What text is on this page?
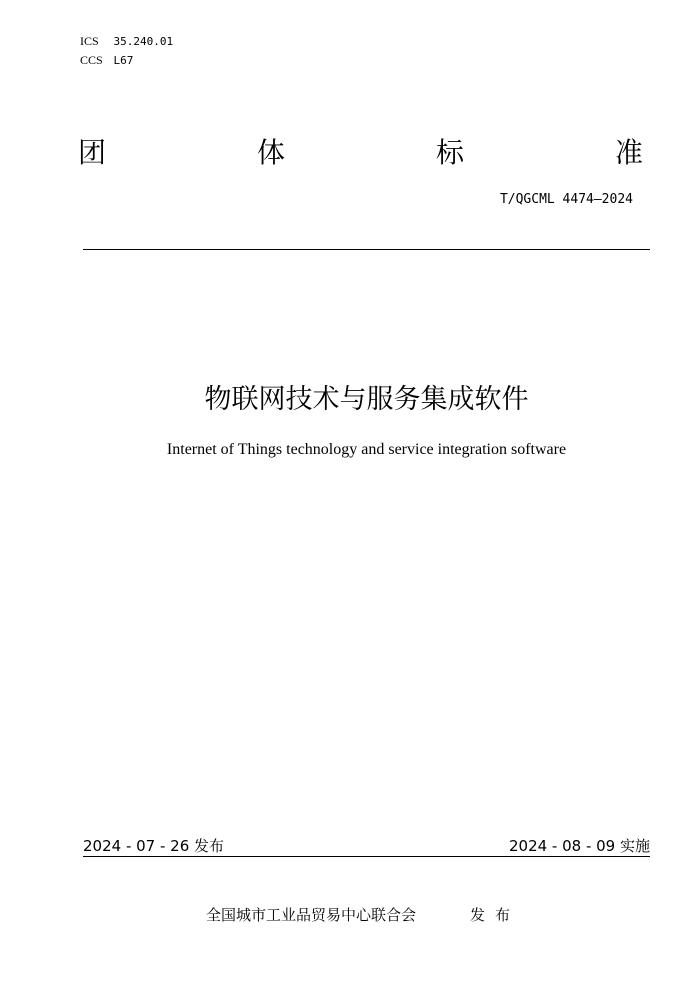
ICS 35.240.01
CCS L67
团	体	标	准
T/QGCML 4474—2024
物联网技术与服务集成软件
Internet of Things technology and service integration software
2024 - 07 - 26 发布	2024 - 08 - 09 实施
全国城市工业品贸易中心联合会	发布
